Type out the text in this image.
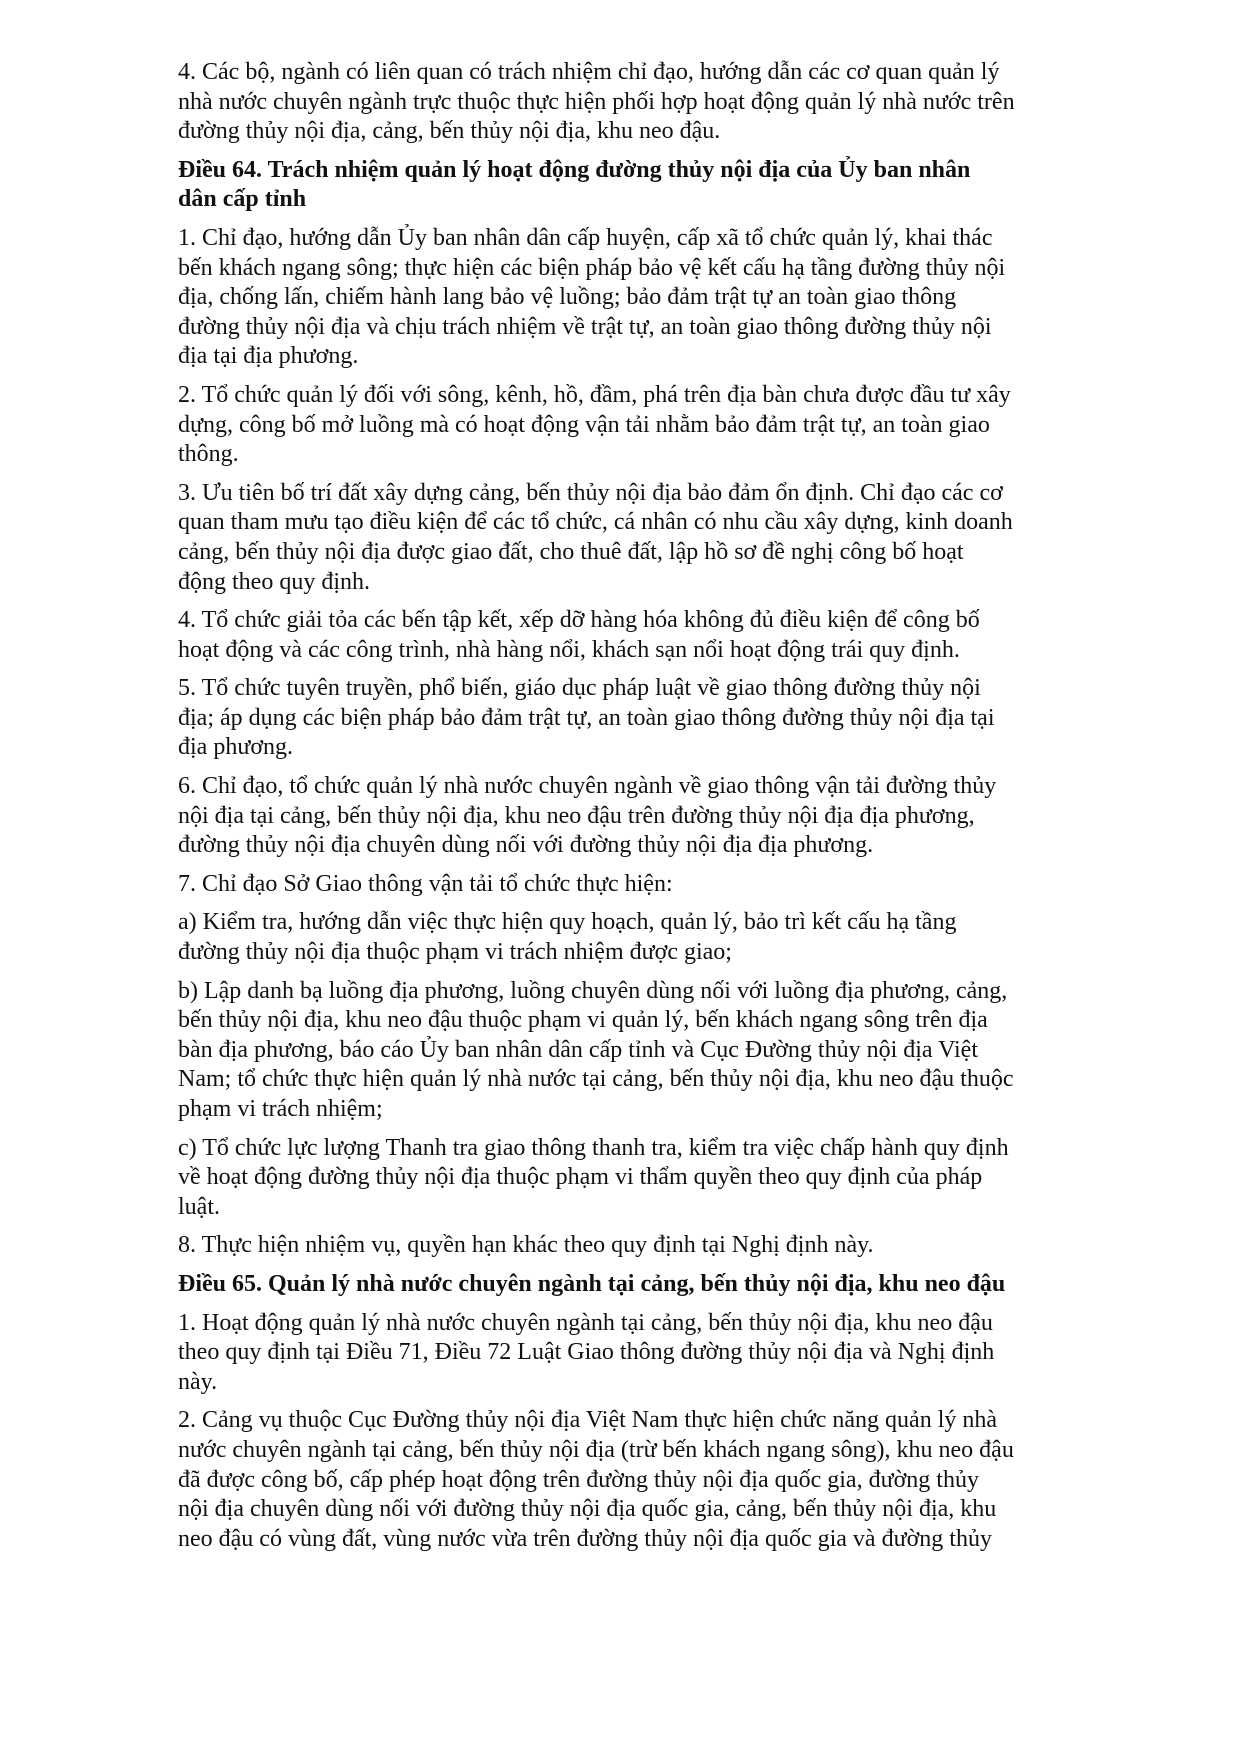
4. Các bộ, ngành có liên quan có trách nhiệm chỉ đạo, hướng dẫn các cơ quan quản lý
nhà nước chuyên ngành trực thuộc thực hiện phối hợp hoạt động quản lý nhà nước trên
đường thủy nội địa, cảng, bến thủy nội địa, khu neo đậu.
Điều 64. Trách nhiệm quản lý hoạt động đường thủy nội địa của Ủy ban nhân
dân cấp tỉnh
1. Chỉ đạo, hướng dẫn Ủy ban nhân dân cấp huyện, cấp xã tổ chức quản lý, khai thác
bến khách ngang sông; thực hiện các biện pháp bảo vệ kết cấu hạ tầng đường thủy nội
địa, chống lấn, chiếm hành lang bảo vệ luồng; bảo đảm trật tự an toàn giao thông
đường thủy nội địa và chịu trách nhiệm về trật tự, an toàn giao thông đường thủy nội
địa tại địa phương.
2. Tổ chức quản lý đối với sông, kênh, hồ, đầm, phá trên địa bàn chưa được đầu tư xây
dựng, công bố mở luồng mà có hoạt động vận tải nhằm bảo đảm trật tự, an toàn giao
thông.
3. Ưu tiên bố trí đất xây dựng cảng, bến thủy nội địa bảo đảm ổn định. Chỉ đạo các cơ
quan tham mưu tạo điều kiện để các tổ chức, cá nhân có nhu cầu xây dựng, kinh doanh
cảng, bến thủy nội địa được giao đất, cho thuê đất, lập hồ sơ đề nghị công bố hoạt
động theo quy định.
4. Tổ chức giải tỏa các bến tập kết, xếp dỡ hàng hóa không đủ điều kiện để công bố
hoạt động và các công trình, nhà hàng nổi, khách sạn nổi hoạt động trái quy định.
5. Tổ chức tuyên truyền, phổ biến, giáo dục pháp luật về giao thông đường thủy nội
địa; áp dụng các biện pháp bảo đảm trật tự, an toàn giao thông đường thủy nội địa tại
địa phương.
6. Chỉ đạo, tổ chức quản lý nhà nước chuyên ngành về giao thông vận tải đường thủy
nội địa tại cảng, bến thủy nội địa, khu neo đậu trên đường thủy nội địa địa phương,
đường thủy nội địa chuyên dùng nối với đường thủy nội địa địa phương.
7. Chỉ đạo Sở Giao thông vận tải tổ chức thực hiện:
a) Kiểm tra, hướng dẫn việc thực hiện quy hoạch, quản lý, bảo trì kết cấu hạ tầng
đường thủy nội địa thuộc phạm vi trách nhiệm được giao;
b) Lập danh bạ luồng địa phương, luồng chuyên dùng nối với luồng địa phương, cảng,
bến thủy nội địa, khu neo đậu thuộc phạm vi quản lý, bến khách ngang sông trên địa
bàn địa phương, báo cáo Ủy ban nhân dân cấp tỉnh và Cục Đường thủy nội địa Việt
Nam; tổ chức thực hiện quản lý nhà nước tại cảng, bến thủy nội địa, khu neo đậu thuộc
phạm vi trách nhiệm;
c) Tổ chức lực lượng Thanh tra giao thông thanh tra, kiểm tra việc chấp hành quy định
về hoạt động đường thủy nội địa thuộc phạm vi thẩm quyền theo quy định của pháp
luật.
8. Thực hiện nhiệm vụ, quyền hạn khác theo quy định tại Nghị định này.
Điều 65. Quản lý nhà nước chuyên ngành tại cảng, bến thủy nội địa, khu neo đậu
1. Hoạt động quản lý nhà nước chuyên ngành tại cảng, bến thủy nội địa, khu neo đậu
theo quy định tại Điều 71, Điều 72 Luật Giao thông đường thủy nội địa và Nghị định
này.
2. Cảng vụ thuộc Cục Đường thủy nội địa Việt Nam thực hiện chức năng quản lý nhà
nước chuyên ngành tại cảng, bến thủy nội địa (trừ bến khách ngang sông), khu neo đậu
đã được công bố, cấp phép hoạt động trên đường thủy nội địa quốc gia, đường thủy
nội địa chuyên dùng nối với đường thủy nội địa quốc gia, cảng, bến thủy nội địa, khu
neo đậu có vùng đất, vùng nước vừa trên đường thủy nội địa quốc gia và đường thủy
